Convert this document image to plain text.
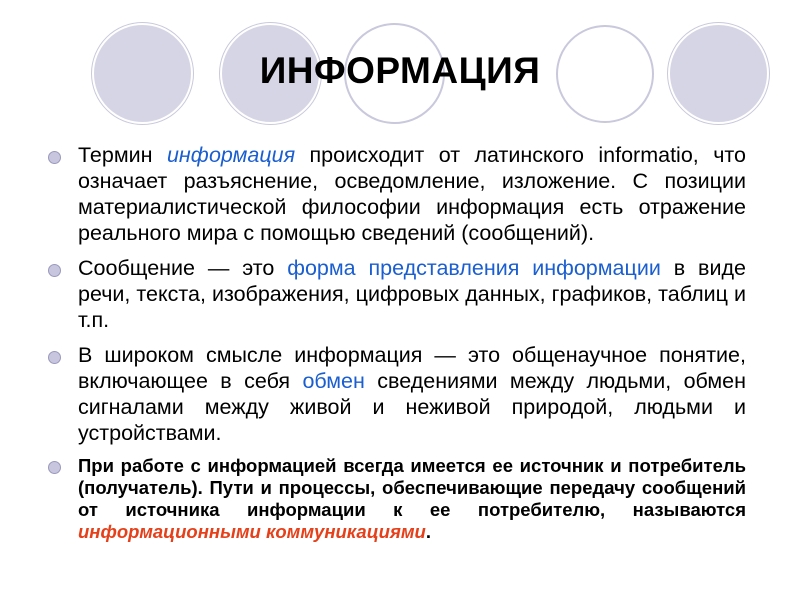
ИНФОРМАЦИЯ
Термин информация происходит от латинского informatio, что означает разъяснение, осведомление, изложение. С позиции материалистической философии информация есть отражение реального мира с помощью сведений (сообщений).
Сообщение — это форма представления информации в виде речи, текста, изображения, цифровых данных, графиков, таблиц и т.п.
В широком смысле информация — это общенаучное понятие, включающее в себя обмен сведениями между людьми, обмен сигналами между живой и неживой природой, людьми и устройствами.
При работе с информацией всегда имеется ее источник и потребитель (получатель). Пути и процессы, обеспечивающие передачу сообщений от источника информации к ее потребителю, называются информационными коммуникациями.
